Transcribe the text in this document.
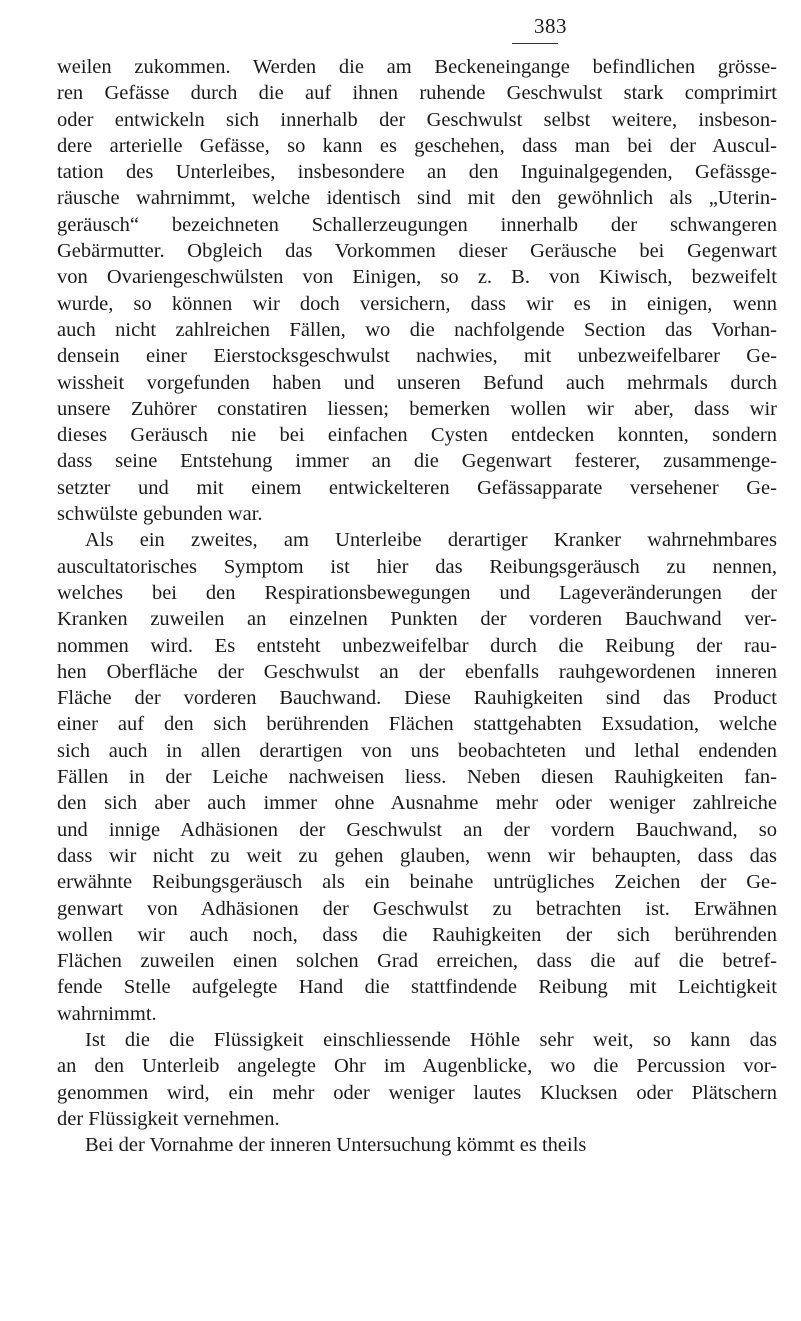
383
weilen zukommen. Werden die am Beckeneingange befindlichen grösse-
ren Gefässe durch die auf ihnen ruhende Geschwulst stark comprimirt
oder entwickeln sich innerhalb der Geschwulst selbst weitere, insbeson-
dere arterielle Gefässe, so kann es geschehen, dass man bei der Auscul-
tation des Unterleibes, insbesondere an den Inguinalgegenden, Gefässge-
räusche wahrnimmt, welche identisch sind mit den gewöhnlich als „Uterin-
geräusch“ bezeichneten Schallerzeugungen innerhalb der schwangeren
Gebärmutter. Obgleich das Vorkommen dieser Geräusche bei Gegenwart
von Ovariengeschwülsten von Einigen, so z. B. von Kiwisch, bezweifelt
wurde, so können wir doch versichern, dass wir es in einigen, wenn
auch nicht zahlreichen Fällen, wo die nachfolgende Section das Vorhan-
densein einer Eierstocksgeschwulst nachwies, mit unbezweifelbarer Ge-
wissheit vorgefunden haben und unseren Befund auch mehrmals durch
unsere Zuhörer constatiren liessen; bemerken wollen wir aber, dass wir
dieses Geräusch nie bei einfachen Cysten entdecken konnten, sondern
dass seine Entstehung immer an die Gegenwart festerer, zusammenge-
setzter und mit einem entwickelteren Gefässapparate versehener Ge-
schwülste gebunden war.
Als ein zweites, am Unterleibe derartiger Kranker wahrnehmbares
auscultatorisches Symptom ist hier das Reibungsgeräusch zu nennen,
welches bei den Respirationsbewegungen und Lageveränderungen der
Kranken zuweilen an einzelnen Punkten der vorderen Bauchwand ver-
nommen wird. Es entsteht unbezweifelbar durch die Reibung der rau-
hen Oberfläche der Geschwulst an der ebenfalls rauhgewordenen inneren
Fläche der vorderen Bauchwand. Diese Rauhigkeiten sind das Product
einer auf den sich berührenden Flächen stattgehabten Exsudation, welche
sich auch in allen derartigen von uns beobachteten und lethal endenden
Fällen in der Leiche nachweisen liess. Neben diesen Rauhigkeiten fan-
den sich aber auch immer ohne Ausnahme mehr oder weniger zahlreiche
und innige Adhäsionen der Geschwulst an der vordern Bauchwand, so
dass wir nicht zu weit zu gehen glauben, wenn wir behaupten, dass das
erwähnte Reibungsgeräusch als ein beinahe untrügliches Zeichen der Ge-
genwart von Adhäsionen der Geschwulst zu betrachten ist. Erwähnen
wollen wir auch noch, dass die Rauhigkeiten der sich berührenden
Flächen zuweilen einen solchen Grad erreichen, dass die auf die betref-
fende Stelle aufgelegte Hand die stattfindende Reibung mit Leichtigkeit
wahrnimmt.
Ist die die Flüssigkeit einschliessende Höhle sehr weit, so kann das
an den Unterleib angelegte Ohr im Augenblicke, wo die Percussion vor-
genommen wird, ein mehr oder weniger lautes Klucksen oder Plätschern
der Flüssigkeit vernehmen.
Bei der Vornahme der inneren Untersuchung kömmt es theils
